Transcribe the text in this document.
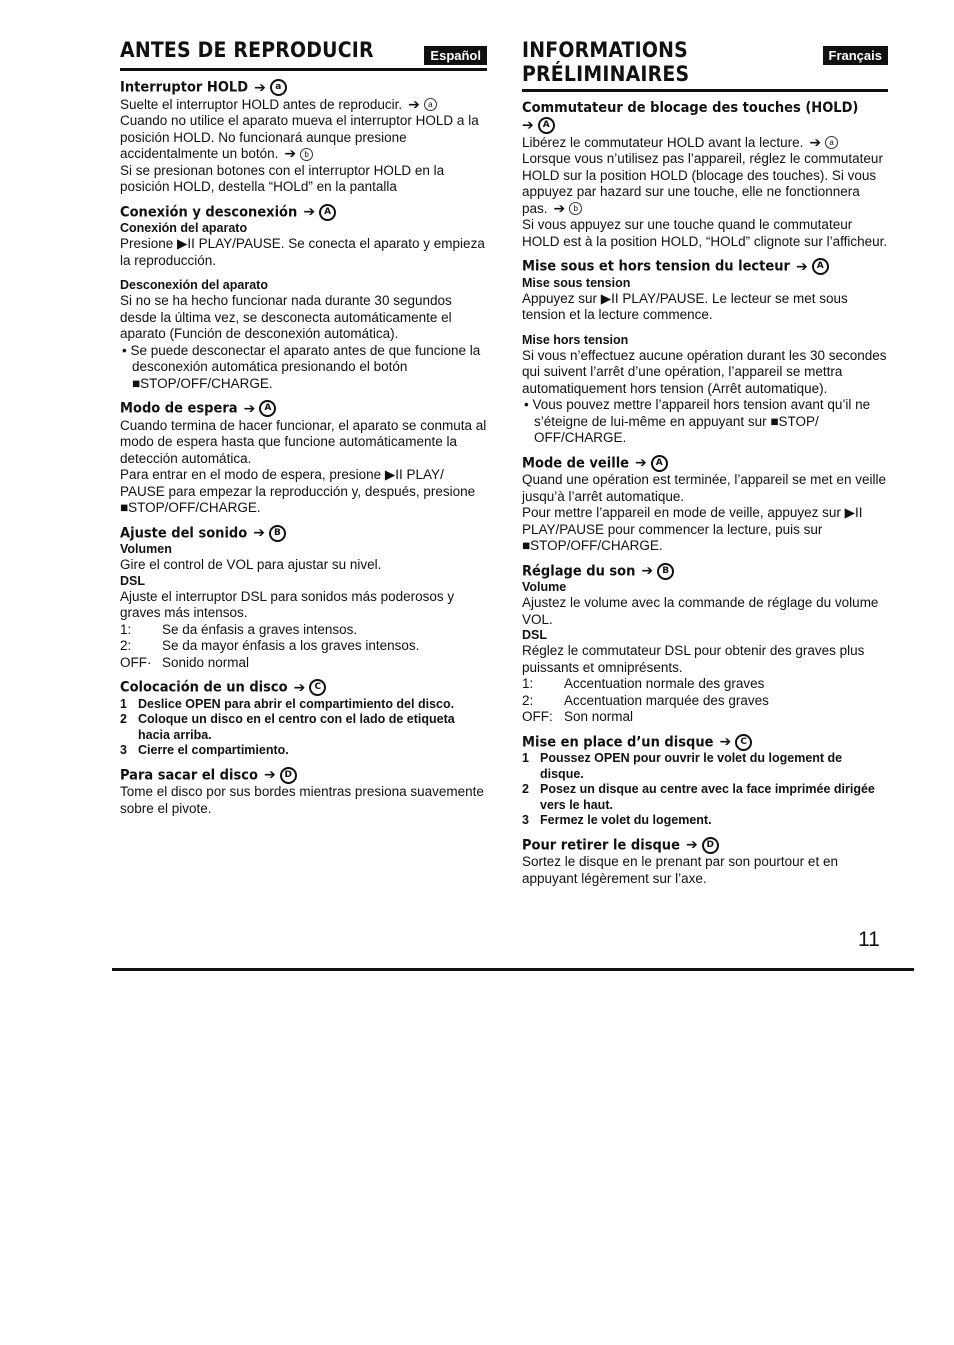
ANTES DE REPRODUCIR	Español
Interruptor HOLD ➔ a

Suelte el interruptor HOLD antes de reproducir. ➔ a

Cuando no utilice el aparato mueva el interruptor HOLD a la posición HOLD. No funcionará aunque presione accidentalmente un botón. ➔ b

Si se presionan botones con el interruptor HOLD en la posición HOLD, destella “HOLd” en la pantalla

Conexión y desconexión ➔ A
Conexión del aparato

Presione ▶II PLAY/PAUSE. Se conecta el aparato y empieza la reproducción.

Desconexión del aparato

Si no se ha hecho funcionar nada durante 30 segundos desde la última vez, se desconecta automáticamente el aparato (Función de desconexión automática).

• Se puede desconectar el aparato antes de que funcione la desconexión automática presionando el botón ■STOP/OFF/CHARGE.

Modo de espera ➔ A

Cuando termina de hacer funcionar, el aparato se conmuta al modo de espera hasta que funcione automáticamente la detección automática.

Para entrar en el modo de espera, presione ▶II PLAY/ PAUSE para empezar la reproducción y, después, presione ■STOP/OFF/CHARGE.

Ajuste del sonido ➔ B
Volumen

Gire el control de VOL para ajustar su nivel.

DSL

Ajuste el interruptor DSL para sonidos más poderosos y graves más intensos.

1:	Se da énfasis a graves intensos.
2:	Se da mayor énfasis a los graves intensos.
OFF· Sonido normal
Colocación de un disco ➔ C
1 Deslice OPEN para abrir el compartimiento del disco.
2 Coloque un disco en el centro con el lado de etiqueta hacia arriba.
3 Cierre el compartimiento.
Para sacar el disco ➔ D

Tome el disco por sus bordes mientras presiona suavemente sobre el pivote.

INFORMATIONS
PRÉLIMINAIRES
Français
Commutateur de blocage des touches (HOLD)
➔ A

Libérez le commutateur HOLD avant la lecture. ➔ a

Lorsque vous n’utilisez pas l’appareil, réglez le commutateur HOLD sur la position HOLD (blocage des touches). Si vous appuyez par hazard sur une touche, elle ne fonctionnera pas. ➔ b

Si vous appuyez sur une touche quand le commutateur HOLD est à la position HOLD, “HOLd” clignote sur l’afficheur.

Mise sous et hors tension du lecteur ➔ A
Mise sous tension

Appuyez sur ▶II PLAY/PAUSE. Le lecteur se met sous tension et la lecture commence.

Mise hors tension

Si vous n’effectuez aucune opération durant les 30 secondes qui suivent l’arrêt d’une opération, l’appareil se mettra automatiquement hors tension (Arrêt automatique).

• Vous pouvez mettre l’appareil hors tension avant qu’il ne s’éteigne de lui-même en appuyant sur ■STOP/ OFF/CHARGE.

Mode de veille ➔ A

Quand une opération est terminée, l’appareil se met en veille jusqu’à l’arrêt automatique.

Pour mettre l’appareil en mode de veille, appuyez sur ▶II PLAY/PAUSE pour commencer la lecture, puis sur ■STOP/OFF/CHARGE.

Réglage du son ➔ B
Volume

Ajustez le volume avec la commande de réglage du volume VOL.

DSL

Réglez le commutateur DSL pour obtenir des graves plus puissants et omniprésents.

1:	Accentuation normale des graves
2:	Accentuation marquée des graves
OFF: Son normal
Mise en place d’un disque ➔ C
1 Poussez OPEN pour ouvrir le volet du logement de disque.
2 Posez un disque au centre avec la face imprimée dirigée vers le haut.
3 Fermez le volet du logement.
Pour retirer le disque ➔ D

Sortez le disque en le prenant par son pourtour et en appuyant légèrement sur l’axe.

11
